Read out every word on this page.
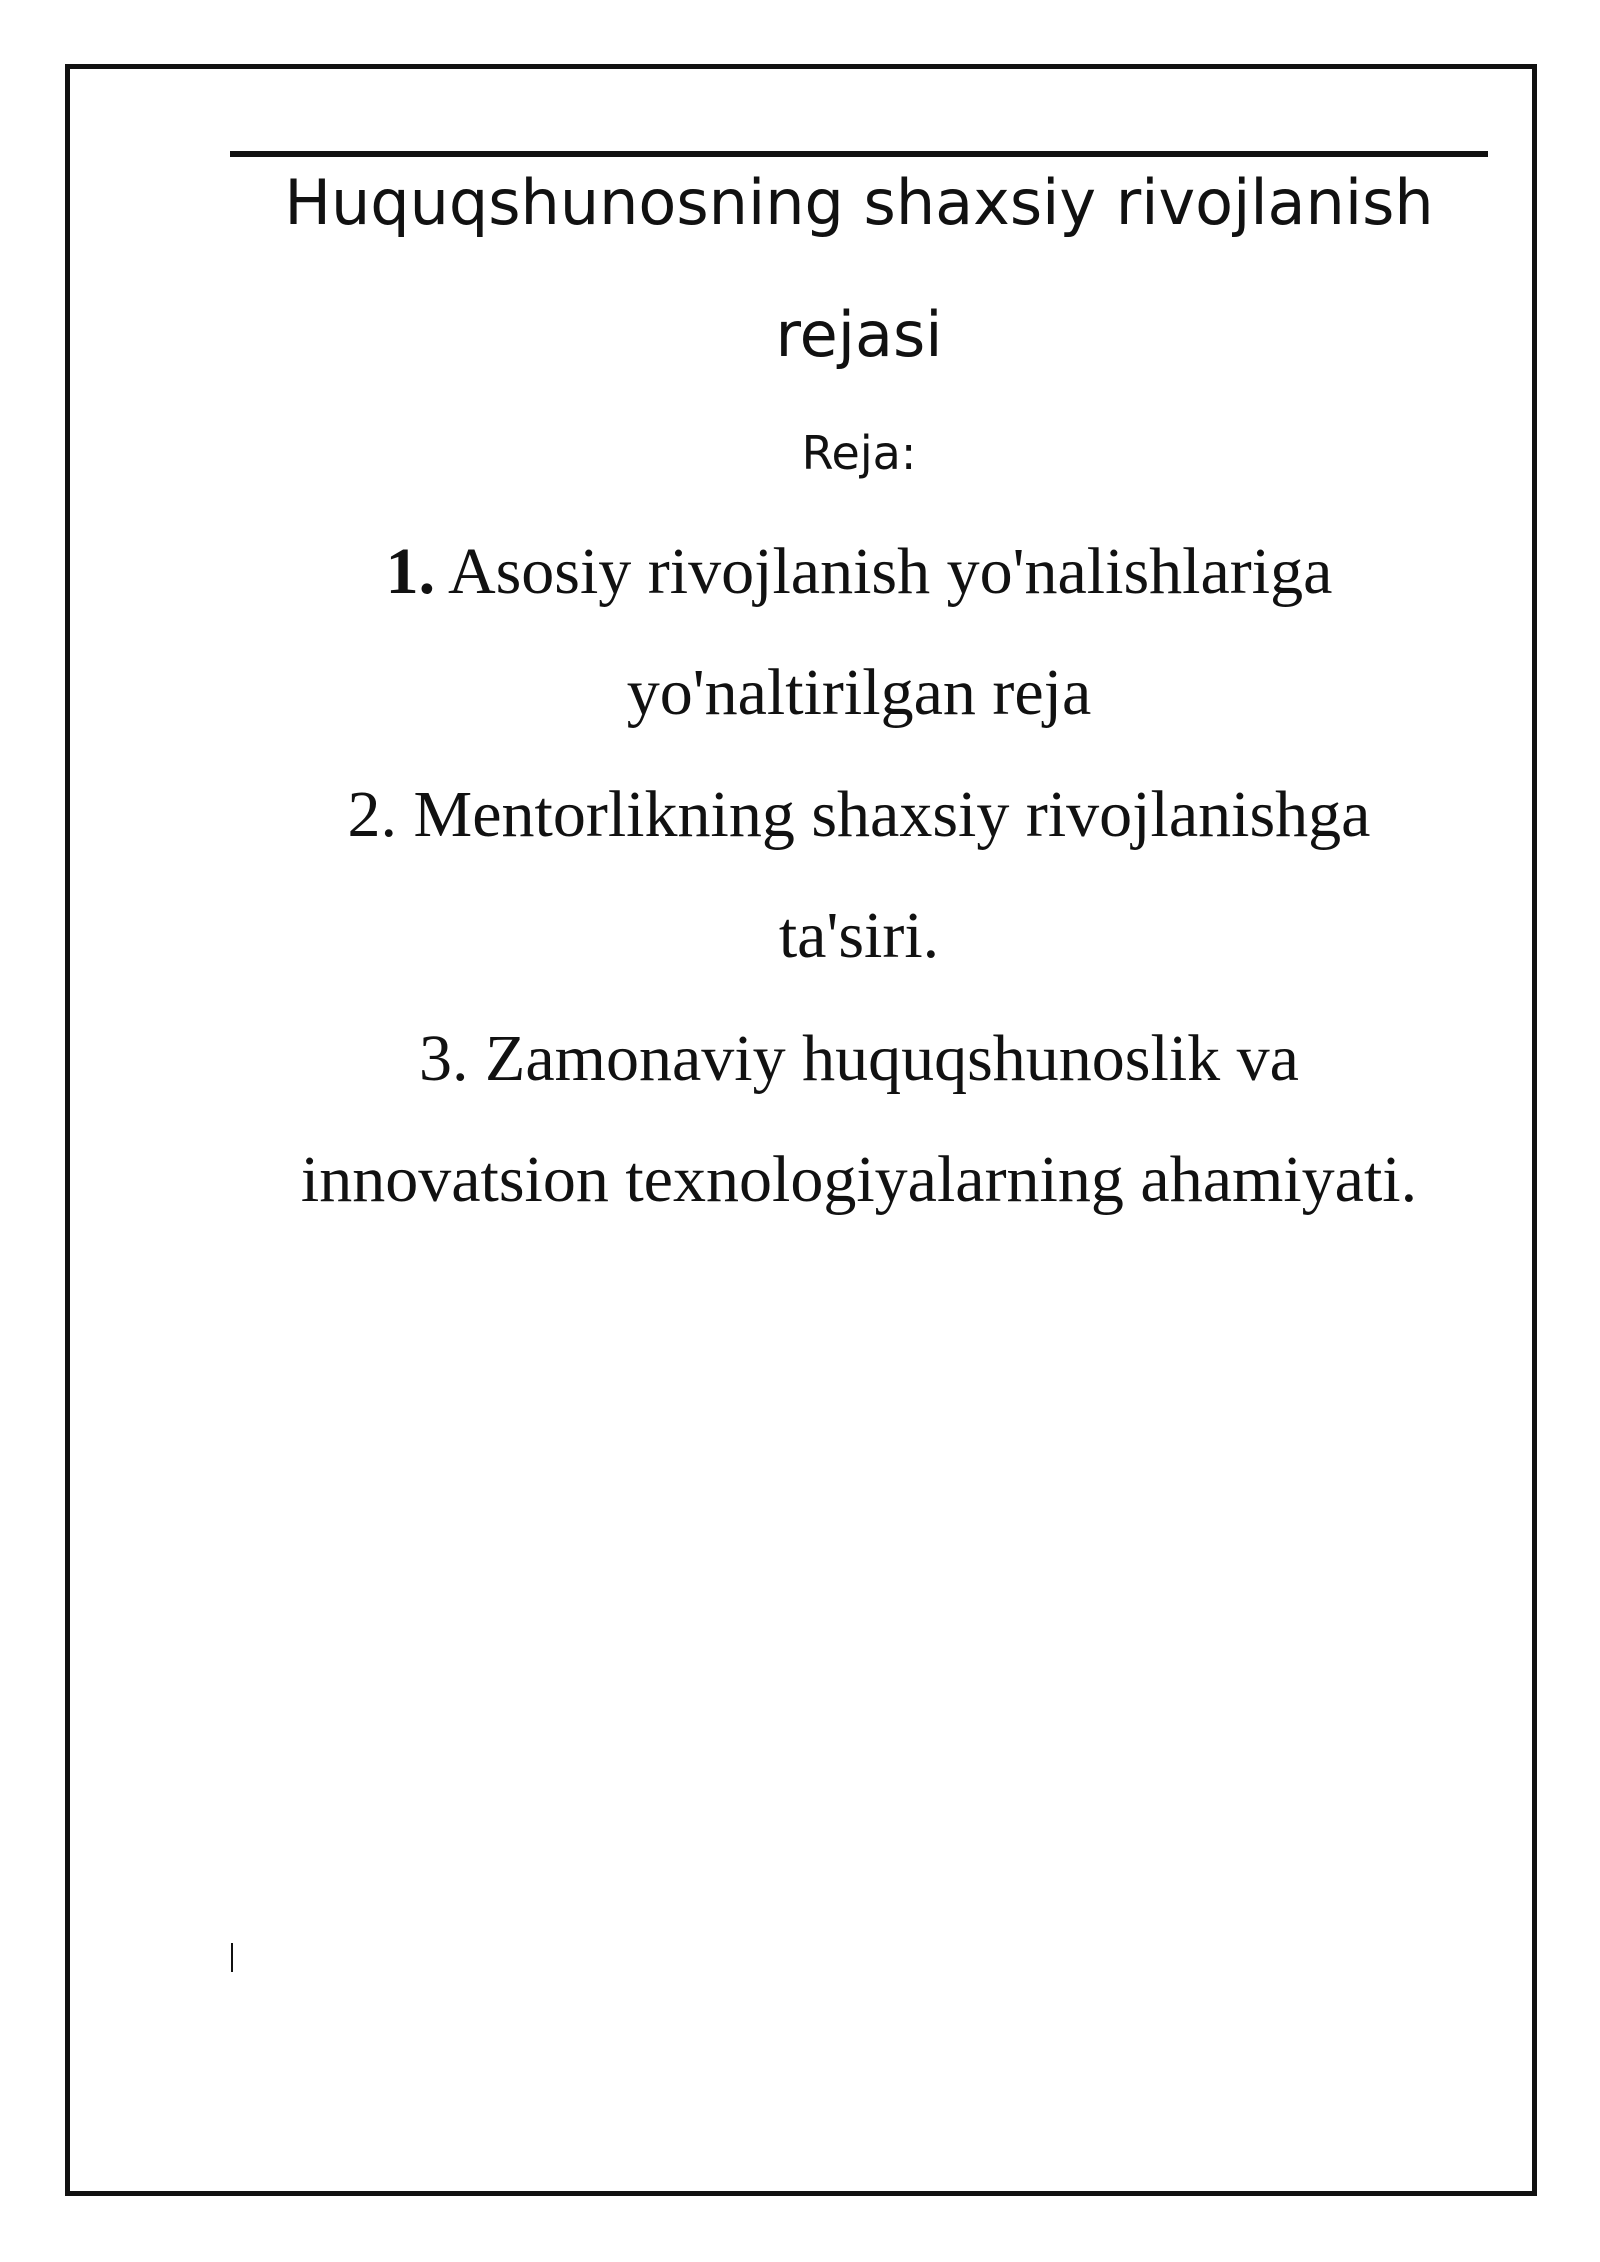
Huquqshunosning shaxsiy rivojlanish
rejasi
Reja:
1. Asosiy rivojlanish yo'nalishlariga
yo'naltirilgan reja
2. Mentorlikning shaxsiy rivojlanishga
ta'siri.
3. Zamonaviy huquqshunoslik va
innovatsion texnologiyalarning ahamiyati.
